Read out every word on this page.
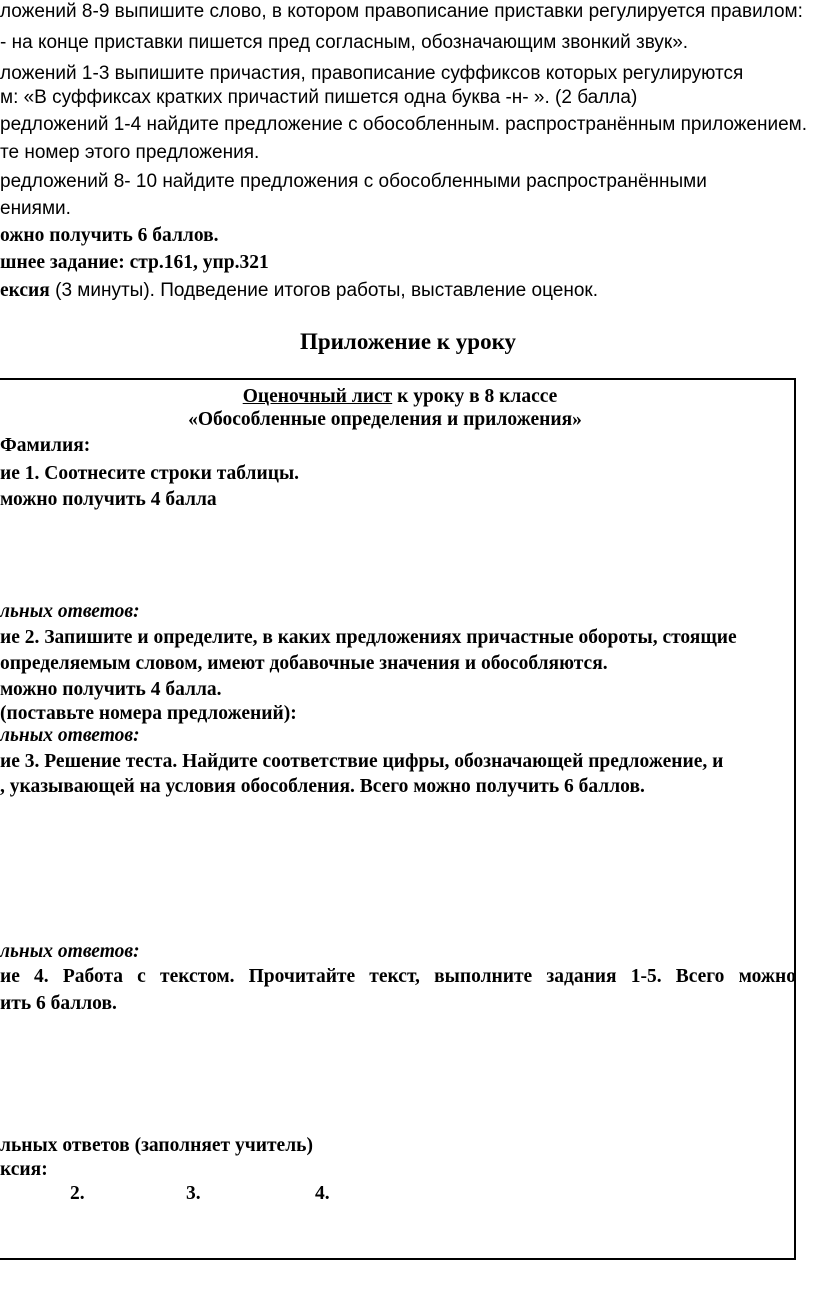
ложений 8-9 выпишите слово, в котором правописание приставки регулируется правилом:
- на конце приставки пишется пред согласным, обозначающим звонкий звук».
ложений 1-3 выпишите причастия, правописание суффиксов которых регулируются
м: «В суффиксах кратких причастий пишется одна буква -н- ». (2 балла)
редложений 1-4 найдите предложение с обособленным. распространённым приложением.
те номер этого предложения.
редложений 8- 10 найдите предложения с обособленными распространёнными
ениями.
ожно получить 6 баллов.
шнее задание: стр.161, упр.321
ексия (3 минуты). Подведение итогов работы, выставление оценок.
Приложение к уроку
Оценочный лист к уроку в 8 классе
«Обособленные определения и приложения»
Фамилия:
ие 1. Соотнесите строки таблицы.
можно получить 4 балла
льных ответов:
ие 2. Запишите и определите, в каких предложениях причастные обороты, стоящие
определяемым словом, имеют добавочные значения и обособляются.
можно получить 4 балла.
(поставьте номера предложений):
льных ответов:
ие 3. Решение теста. Найдите соответствие цифры, обозначающей предложение, и
, указывающей на условия обособления. Всего можно получить 6 баллов.
льных ответов:
ие 4. Работа с текстом. Прочитайте текст, выполните задания 1-5. Всего можно
ить 6 баллов.
льных ответов (заполняет учитель)
ксия:
2.	3.	4.
